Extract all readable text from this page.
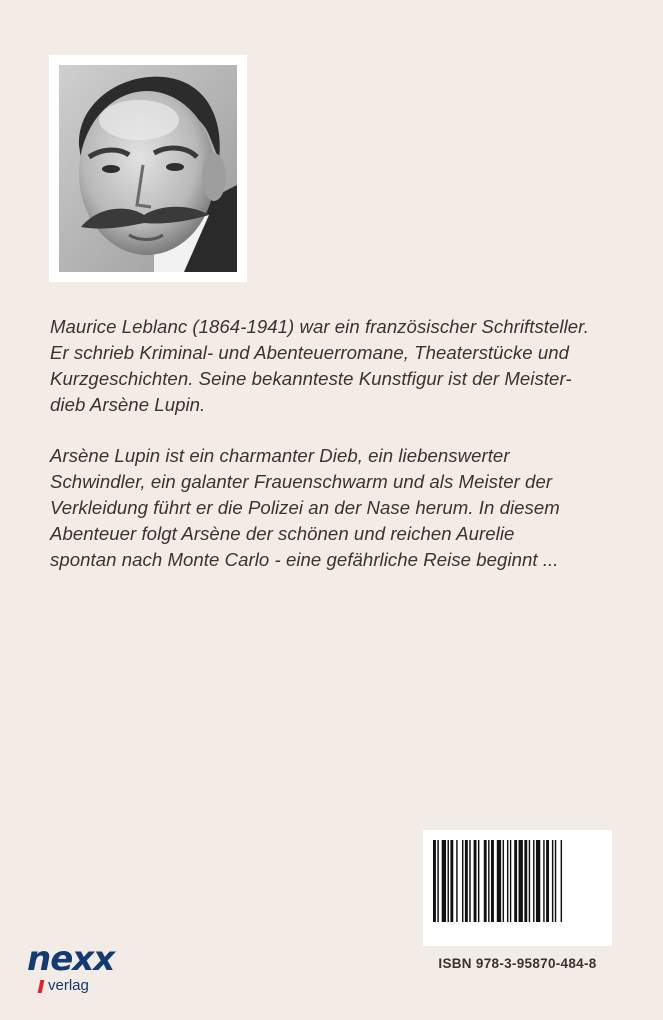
Maurice Leblanc (1864-1941) war ein französischer Schriftsteller.
Er schrieb Kriminal- und Abenteuerromane, Theaterstücke und
Kurzgeschichten. Seine bekannteste Kunstfigur ist der Meister-
dieb Arsène Lupin.
Arsène Lupin ist ein charmanter Dieb, ein liebenswerter
Schwindler, ein galanter Frauenschwarm und als Meister der
Verkleidung führt er die Polizei an der Nase herum. In diesem
Abenteuer folgt Arsène der schönen und reichen Aurelie
spontan nach Monte Carlo - eine gefährliche Reise beginnt ...
ISBN 978-3-95870-484-8
nexx
verlag
